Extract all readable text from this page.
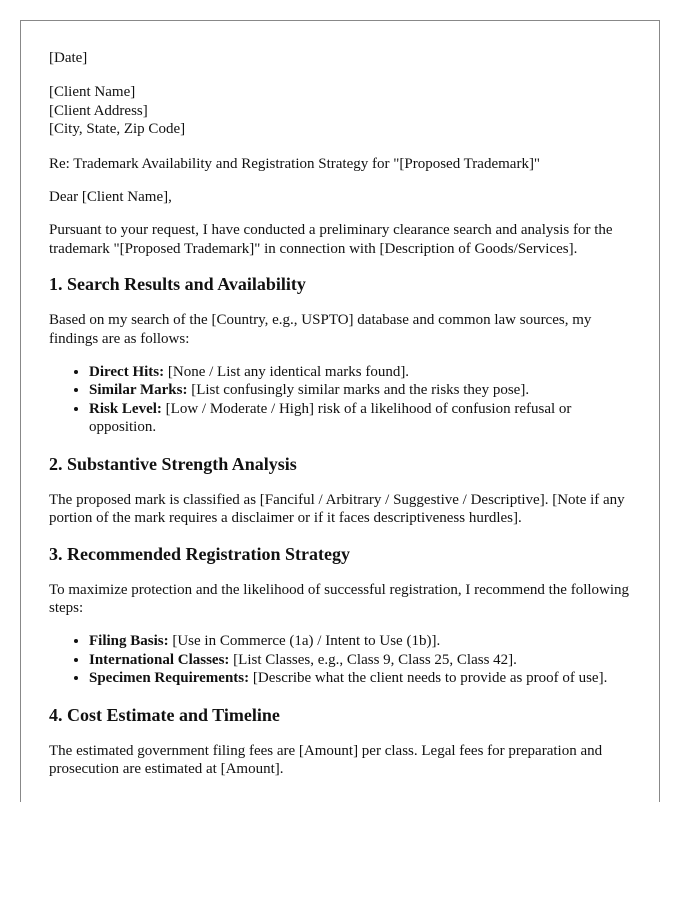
[Date]

[Client Name]
[Client Address]
[City, State, Zip Code]

Re: Trademark Availability and Registration Strategy for "[Proposed Trademark]"

Dear [Client Name],

Pursuant to your request, I have conducted a preliminary clearance search and analysis for the trademark "[Proposed Trademark]" in connection with [Description of Goods/Services].

1. Search Results and Availability

Based on my search of the [Country, e.g., USPTO] database and common law sources, my findings are as follows:

• Direct Hits: [None / List any identical marks found].
• Similar Marks: [List confusingly similar marks and the risks they pose].
• Risk Level: [Low / Moderate / High] risk of a likelihood of confusion refusal or opposition.
2. Substantive Strength Analysis

The proposed mark is classified as [Fanciful / Arbitrary / Suggestive / Descriptive]. [Note if any portion of the mark requires a disclaimer or if it faces descriptiveness hurdles].

3. Recommended Registration Strategy

To maximize protection and the likelihood of successful registration, I recommend the following steps:

• Filing Basis: [Use in Commerce (1a) / Intent to Use (1b)].
• International Classes: [List Classes, e.g., Class 9, Class 25, Class 42].
• Specimen Requirements: [Describe what the client needs to provide as proof of use].
4. Cost Estimate and Timeline

The estimated government filing fees are [Amount] per class. Legal fees for preparation and prosecution are estimated at [Amount].
